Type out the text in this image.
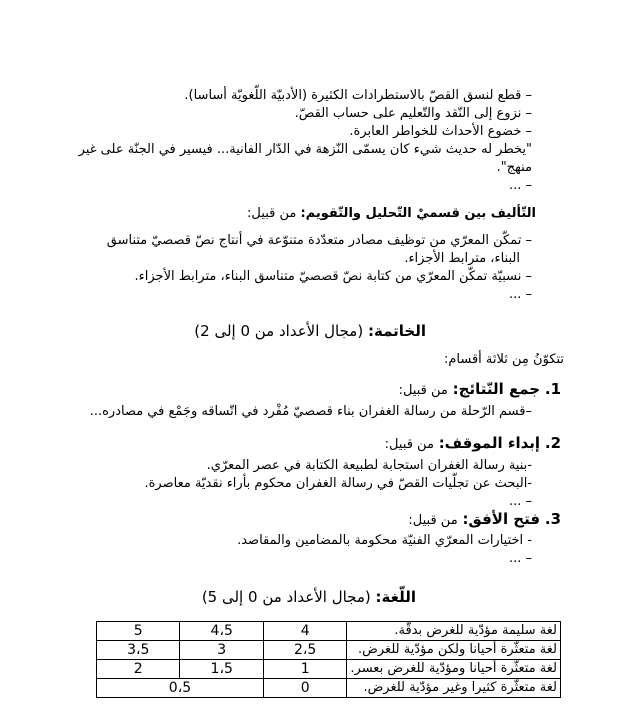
– قطع لنسق القصّ بالاستطرادات الكثيرة (الأدبيّة اللّغويّة أساسا).
– نزوع إلى النّقد والتّعليم على حساب القصّ.
– خضوع الأحداث للخواطر العابرة.
"يخطر له حديث شيء كان يسمّى النّزهة في الدّار الفانية... فيسير في الجنّة على غير
منهج".
– ...
التّأليف بين قسميْ التّحليل والتّقويم: من قبيل:
– تمكّن المعرّي من توظيف مصادر متعدّدة متنوّعة في أنتاج نصّ قصصيّ متناسق
البناء، مترابط الأجزاء.
– نسبيّة تمكّن المعرّي من كتابة نصّ قصصيّ متناسق البناء، مترابط الأجزاء.
– ...
الخاتمة: (مجال الأعداد من 0 إلى 2)
تتكوّنُ مِن ثلاثة أقسام:
1. جمع النّتائج: من قبيل:
–قسم الرّحلة من رسالة الغفران بناء قصصيّ مُفْرد في اتّساقه وجَمْع في مصادره...
2. إبداء الموقف: من قبيل:
-بنية رسالة الغفران استجابة لطبيعة الكتابة في عصر المعرّي.
-البحث عن تجلّيات القصّ في رسالة الغفران محكوم بأراء نقديّة معاصرة.
– ...
3. فتح الأفق: من قبيل:
- اختيارات المعرّي الفنيّة محكومة بالمضامين والمقاصد.
– ...
اللّغة: (مجال الأعداد من 0 إلى 5)
لغة سليمة مؤدّية للغرض بدقّة.	4	4،5	5
لغة متعثّرة أحيانا ولكن مؤدّية للغرض.	2،5	3	3،5
لغة متعثّرة أحيانا ومؤدّية للغرض بعسر.	1	1،5	2
لغة متعثّرة كثيرا وغير مؤدّية للغرض.	0	0،5	
